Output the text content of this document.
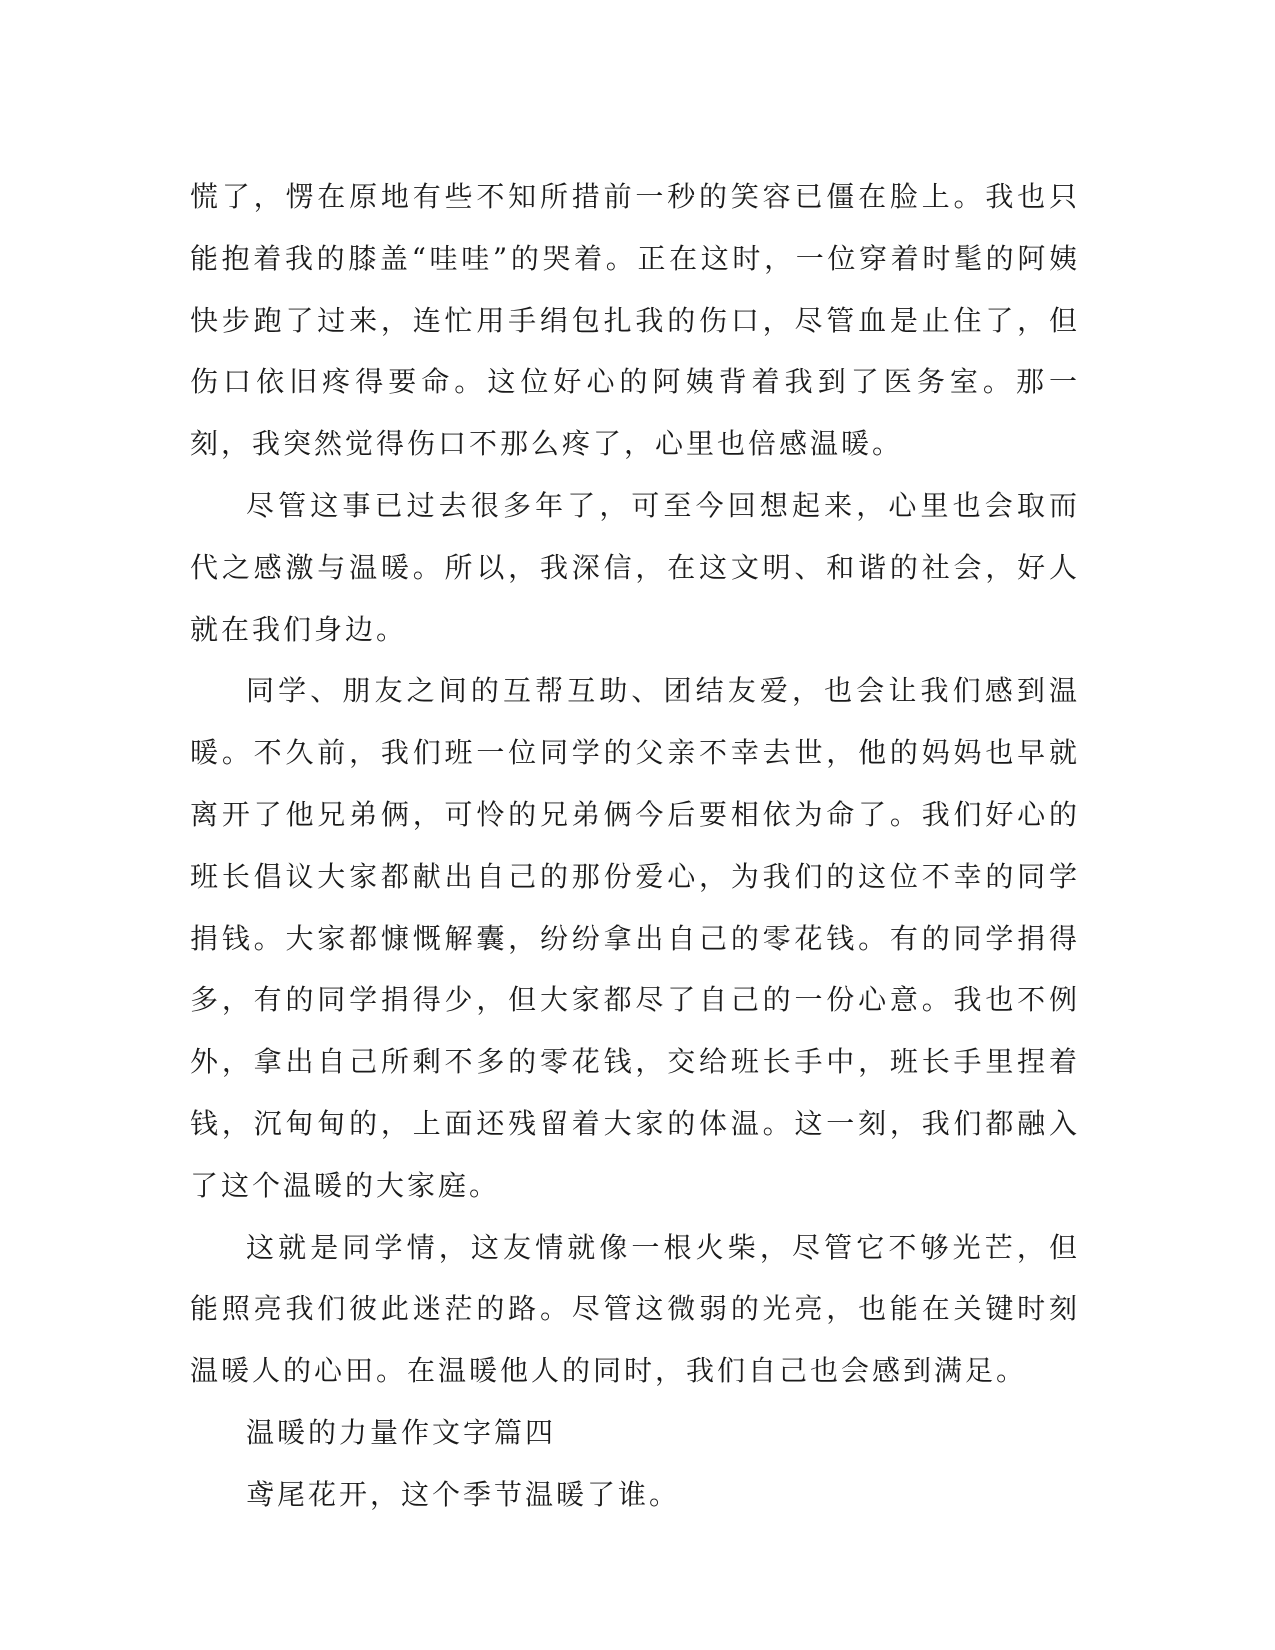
慌了，愣在原地有些不知所措前一秒的笑容已僵在脸上。我也只能抱着我的膝盖“哇哇”的哭着。正在这时，一位穿着时髦的阿姨快步跑了过来，连忙用手绢包扎我的伤口，尽管血是止住了，但伤口依旧疼得要命。这位好心的阿姨背着我到了医务室。那一刻，我突然觉得伤口不那么疼了，心里也倍感温暖。

尽管这事已过去很多年了，可至今回想起来，心里也会取而代之感激与温暖。所以，我深信，在这文明、和谐的社会，好人就在我们身边。

同学、朋友之间的互帮互助、团结友爱，也会让我们感到温暖。不久前，我们班一位同学的父亲不幸去世，他的妈妈也早就离开了他兄弟俩，可怜的兄弟俩今后要相依为命了。我们好心的班长倡议大家都献出自己的那份爱心，为我们的这位不幸的同学捐钱。大家都慷慨解囊，纷纷拿出自己的零花钱。有的同学捐得多，有的同学捐得少，但大家都尽了自己的一份心意。我也不例外，拿出自己所剩不多的零花钱，交给班长手中，班长手里捏着钱，沉甸甸的，上面还残留着大家的体温。这一刻，我们都融入了这个温暖的大家庭。

这就是同学情，这友情就像一根火柴，尽管它不够光芒，但能照亮我们彼此迷茫的路。尽管这微弱的光亮，也能在关键时刻温暖人的心田。在温暖他人的同时，我们自己也会感到满足。

温暖的力量作文字篇四

鸢尾花开，这个季节温暖了谁。
